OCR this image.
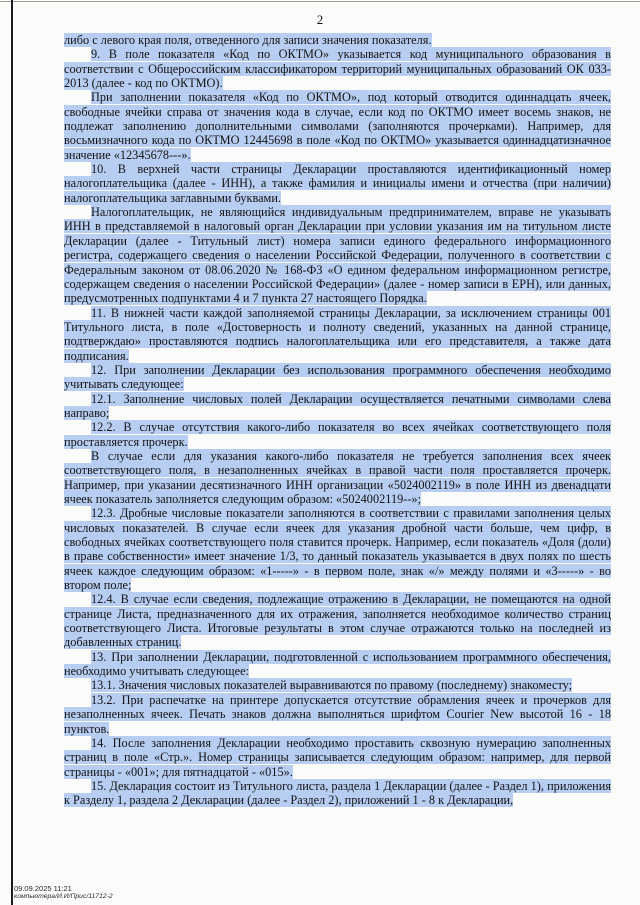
2

либо с левого края поля, отведенного для записи значения показателя.

9. В поле показателя «Код по ОКТМО» указывается код муниципального образования в соответствии с Общероссийским классификатором территорий муниципальных образований ОК 033-2013 (далее - код по ОКТМО).

При заполнении показателя «Код по ОКТМО», под который отводится одиннадцать ячеек, свободные ячейки справа от значения кода в случае, если код по ОКТМО имеет восемь знаков, не подлежат заполнению дополнительными символами (заполняются прочерками). Например, для восьмизначного кода по ОКТМО 12445698 в поле «Код по ОКТМО» указывается одиннадцатизначное значение «12345678---».

10. В верхней части страницы Декларации проставляются идентификационный номер налогоплательщика (далее - ИНН), а также фамилия и инициалы имени и отчества (при наличии) налогоплательщика заглавными буквами.

Налогоплательщик, не являющийся индивидуальным предпринимателем, вправе не указывать ИНН в представляемой в налоговый орган Декларации при условии указания им на титульном листе Декларации (далее - Титульный лист) номера записи единого федерального информационного регистра, содержащего сведения о населении Российской Федерации, полученного в соответствии с Федеральным законом от 08.06.2020 № 168-ФЗ «О едином федеральном информационном регистре, содержащем сведения о населении Российской Федерации» (далее - номер записи в ЕРН), или данных, предусмотренных подпунктами 4 и 7 пункта 27 настоящего Порядка.

11. В нижней части каждой заполняемой страницы Декларации, за исключением страницы 001 Титульного листа, в поле «Достоверность и полноту сведений, указанных на данной странице, подтверждаю» проставляются подпись налогоплательщика или его представителя, а также дата подписания.

12. При заполнении Декларации без использования программного обеспечения необходимо учитывать следующее:

12.1. Заполнение числовых полей Декларации осуществляется печатными символами слева направо;

12.2. В случае отсутствия какого-либо показателя во всех ячейках соответствующего поля проставляется прочерк.

В случае если для указания какого-либо показателя не требуется заполнения всех ячеек соответствующего поля, в незаполненных ячейках в правой части поля проставляется прочерк. Например, при указании десятизначного ИНН организации «5024002119» в поле ИНН из двенадцати ячеек показатель заполняется следующим образом: «5024002119--»;

12.3. Дробные числовые показатели заполняются в соответствии с правилами заполнения целых числовых показателей. В случае если ячеек для указания дробной части больше, чем цифр, в свободных ячейках соответствующего поля ставится прочерк. Например, если показатель «Доля (доли) в праве собственности» имеет значение 1/3, то данный показатель указывается в двух полях по шесть ячеек каждое следующим образом: «1-----» - в первом поле, знак «/» между полями и «3-----» - во втором поле;

12.4. В случае если сведения, подлежащие отражению в Декларации, не помещаются на одной странице Листа, предназначенного для их отражения, заполняется необходимое количество страниц соответствующего Листа. Итоговые результаты в этом случае отражаются только на последней из добавленных страниц.

13. При заполнении Декларации, подготовленной с использованием программного обеспечения, необходимо учитывать следующее:

13.1. Значения числовых показателей выравниваются по правому (последнему) знакоместу;

13.2. При распечатке на принтере допускается отсутствие обрамления ячеек и прочерков для незаполненных ячеек. Печать знаков должна выполняться шрифтом Courier New высотой 16 - 18 пунктов.

14. После заполнения Декларации необходимо проставить сквозную нумерацию заполненных страниц в поле «Стр.». Номер страницы записывается следующим образом: например, для первой страницы - «001»; для пятнадцатой - «015».

15. Декларация состоит из Титульного листа, раздела 1 Декларации (далее - Раздел 1), приложения к Разделу 1, раздела 2 Декларации (далее - Раздел 2), приложений 1 - 8 к Декларации,

09.09.2025 11:21
компьютера/И.И/Прис/11712-2
